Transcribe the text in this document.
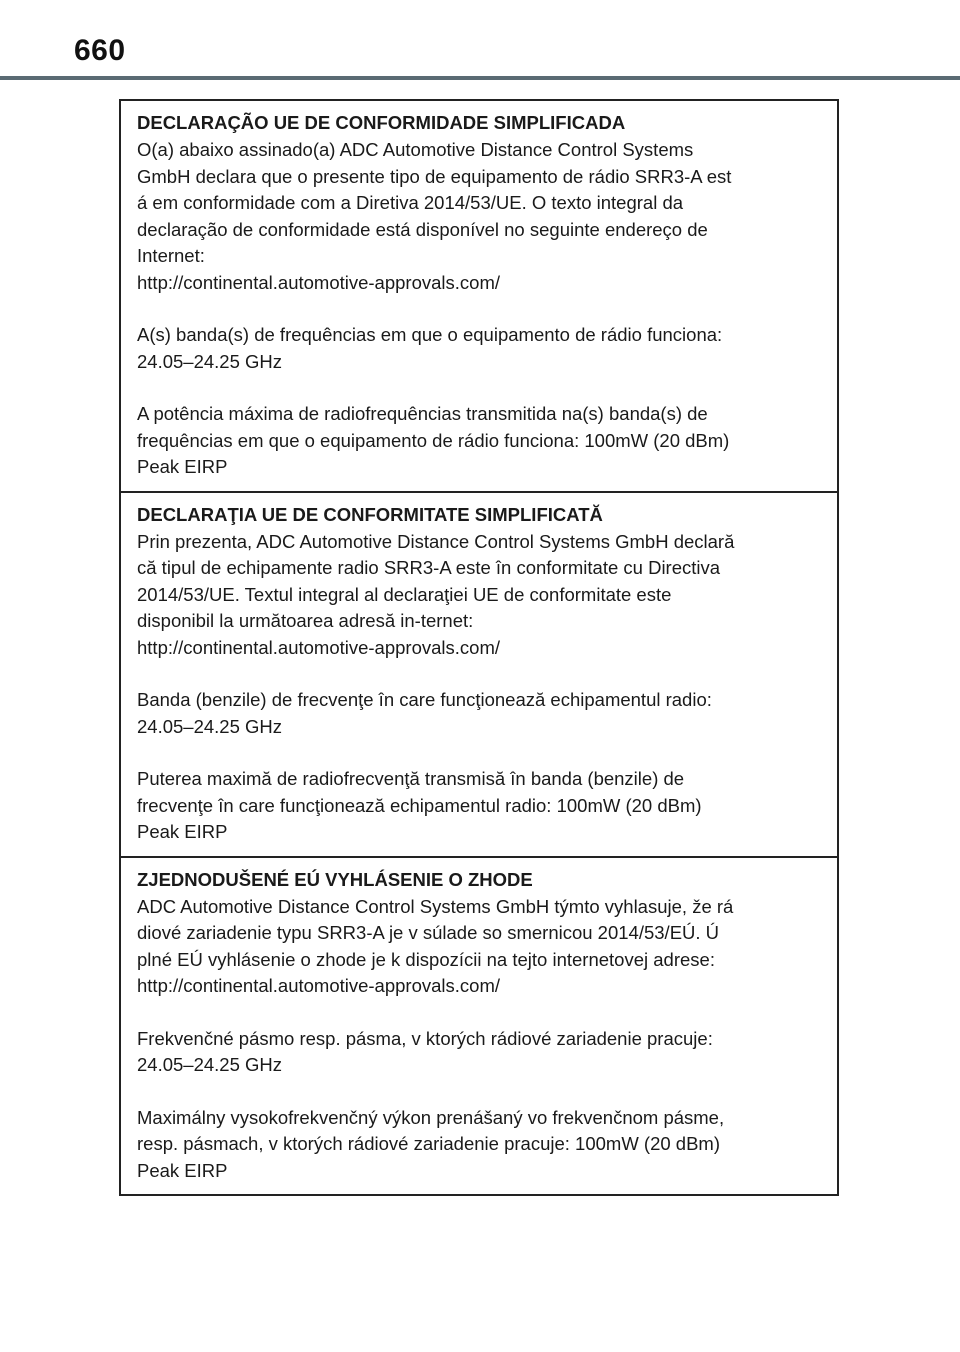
660

DECLARAÇÃO UE DE CONFORMIDADE SIMPLIFICADA

O(a) abaixo assinado(a) ADC Automotive Distance Control Systems
GmbH declara que o presente tipo de equipamento de rádio SRR3-A est
á em conformidade com a Diretiva 2014/53/UE. O texto integral da
declaração de conformidade está disponível no seguinte endereço de
Internet:
http://continental.automotive-approvals.com/

A(s) banda(s) de frequências em que o equipamento de rádio funciona:
24.05–24.25 GHz

A potência máxima de radiofrequências transmitida na(s) banda(s) de
frequências em que o equipamento de rádio funciona: 100mW (20 dBm)
Peak EIRP

DECLARAŢIA UE DE CONFORMITATE SIMPLIFICATĂ

Prin prezenta, ADC Automotive Distance Control Systems GmbH declară
că tipul de echipamente radio SRR3-A este în conformitate cu Directiva
2014/53/UE. Textul integral al declaraţiei UE de conformitate este
disponibil la următoarea adresă in-ternet:
http://continental.automotive-approvals.com/

Banda (benzile) de frecvenţe în care funcţionează echipamentul radio:
24.05–24.25 GHz

Puterea maximă de radiofrecvenţă transmisă în banda (benzile) de
frecvenţe în care funcţionează echipamentul radio: 100mW (20 dBm)
Peak EIRP

ZJEDNODUŠENÉ EÚ VYHLÁSENIE O ZHODE

ADC Automotive Distance Control Systems GmbH týmto vyhlasuje, že rá
diové zariadenie typu SRR3-A je v súlade so smernicou 2014/53/EÚ. Ú
plné EÚ vyhlásenie o zhode je k dispozícii na tejto internetovej adrese:
http://continental.automotive-approvals.com/

Frekvenčné pásmo resp. pásma, v ktorých rádiové zariadenie pracuje:
24.05–24.25 GHz

Maximálny vysokofrekvenčný výkon prenášaný vo frekvenčnom pásme,
resp. pásmach, v ktorých rádiové zariadenie pracuje: 100mW (20 dBm)
Peak EIRP
